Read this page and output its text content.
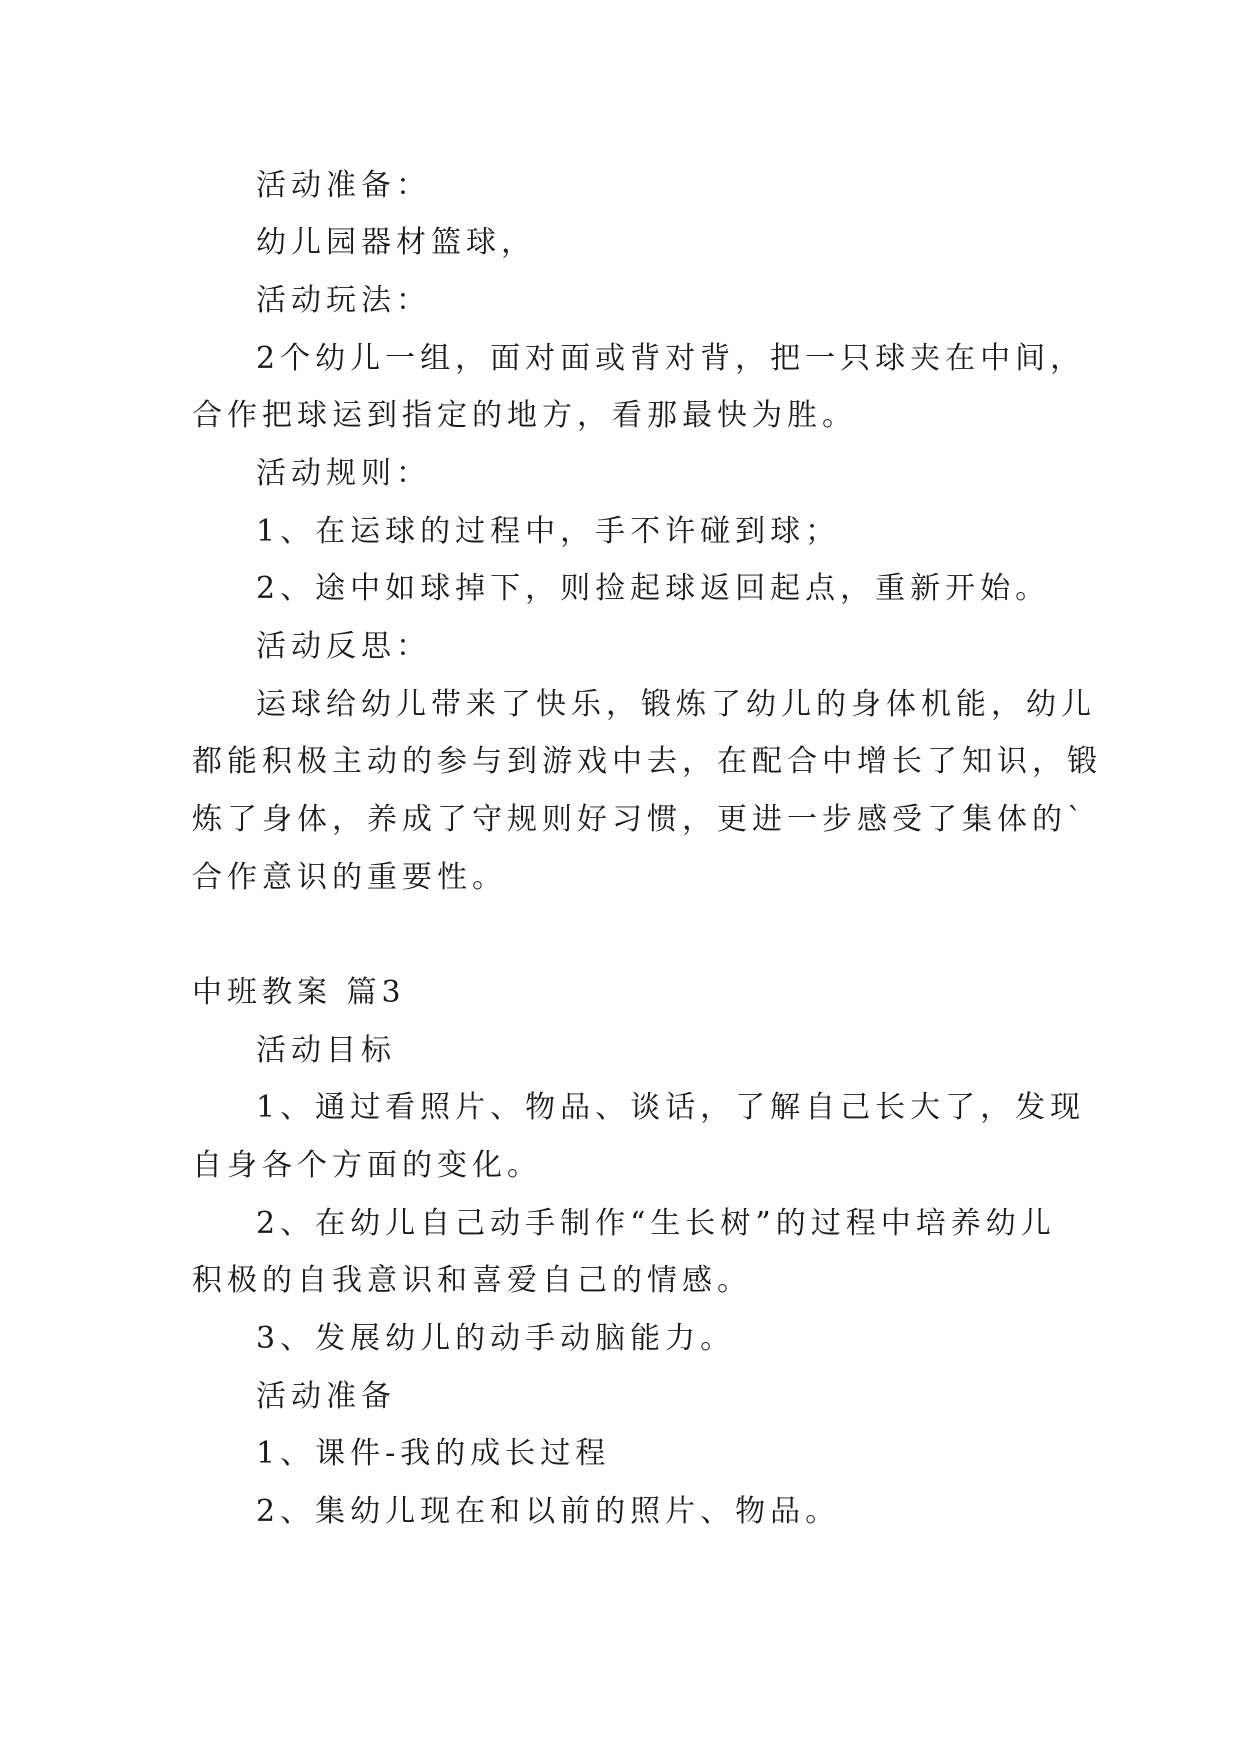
活动准备：
幼儿园器材篮球，
活动玩法：
2个幼儿一组，面对面或背对背，把一只球夹在中间，
合作把球运到指定的地方，看那最快为胜。
活动规则：
1、在运球的过程中，手不许碰到球；
2、途中如球掉下，则捡起球返回起点，重新开始。
活动反思：
运球给幼儿带来了快乐，锻炼了幼儿的身体机能，幼儿
都能积极主动的参与到游戏中去，在配合中增长了知识，锻
炼了身体，养成了守规则好习惯，更进一步感受了集体的`
合作意识的重要性。
中班教案 篇3
活动目标
1、通过看照片、物品、谈话，了解自己长大了，发现
自身各个方面的变化。
2、在幼儿自己动手制作“生长树”的过程中培养幼儿
积极的自我意识和喜爱自己的情感。
3、发展幼儿的动手动脑能力。
活动准备
1、课件-我的成长过程
2、集幼儿现在和以前的照片、物品。
